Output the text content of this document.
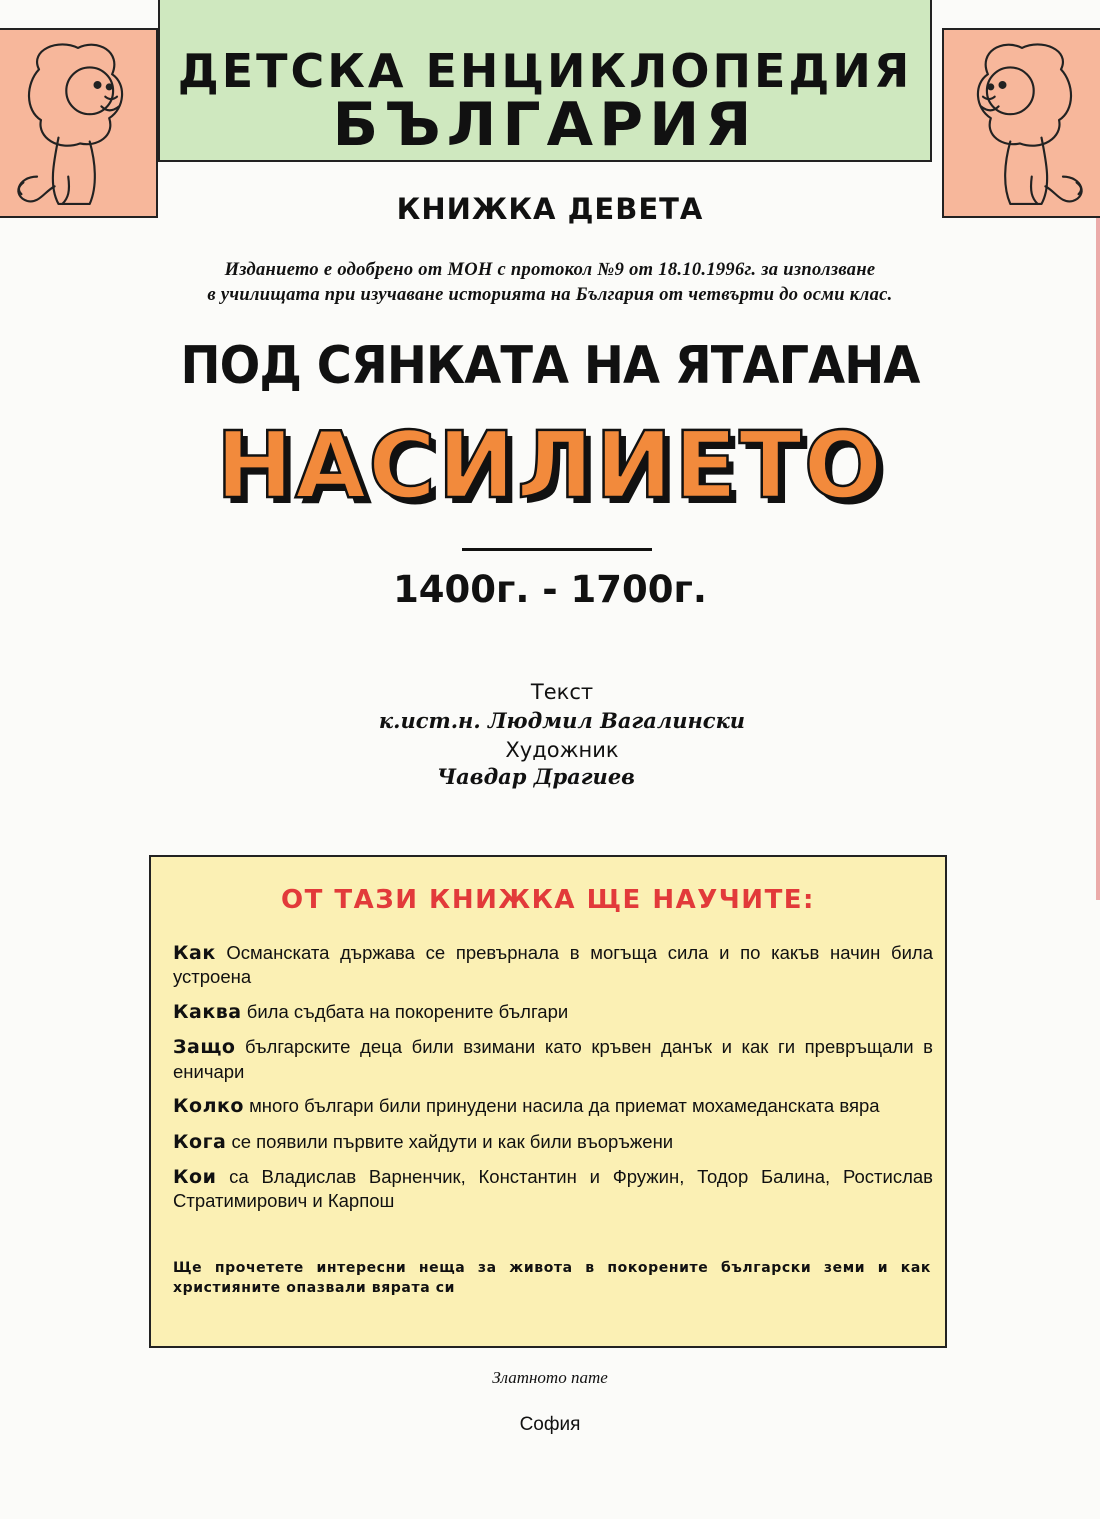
ДЕТСКА ЕНЦИКЛОПЕДИЯ
БЪЛГАРИЯ
КНИЖКА ДЕВЕТА
Изданието е одобрено от МОН с протокол №9 от 18.10.1996г. за използване
в училищата при изучаване историята на България от четвърти до осми клас.
ПОД СЯНКАТА НА ЯТАГАНА
НАСИЛИЕТО
1400г. - 1700г.
Текст
к.ист.н. Людмил Вагалински
Художник
Чавдар Драгиев
ОТ ТАЗИ КНИЖКА ЩЕ НАУЧИТЕ:
Как Османската държава се превърнала в могъща сила и по какъв начин била устроена
Каква била съдбата на покорените българи
Защо българските деца били взимани като кръвен данък и как ги превръщали в еничари
Колко много българи били принудени насила да приемат мохамеданската вяра
Кога се появили първите хайдути и как били въоръжени
Кои са Владислав Варненчик, Константин и Фружин, Тодор Балина, Ростислав Стратимирович и Карпош
Ще прочетете интересни неща за живота в покорените български земи и как християните опазвали вярата си
Златното пате
София
